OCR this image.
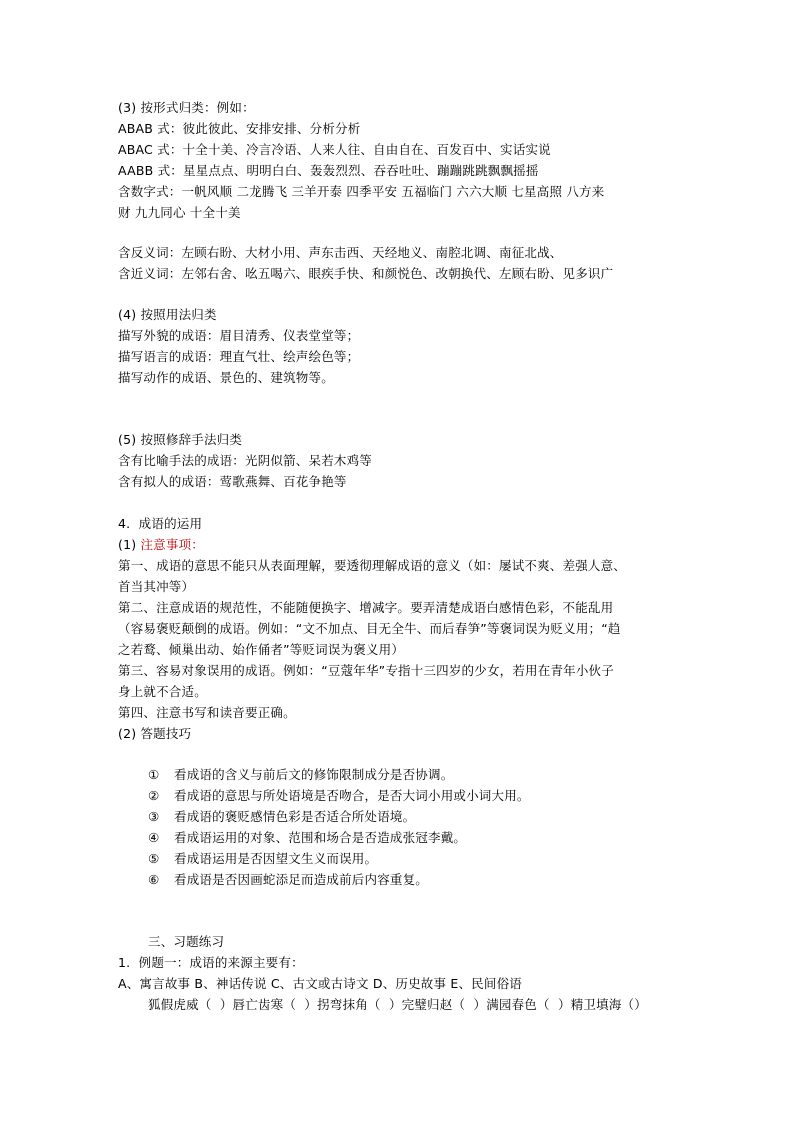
(3) 按形式归类：例如：
ABAB 式：彼此彼此、安排安排、分析分析
ABAC 式：十全十美、冷言冷语、人来人往、自由自在、百发百中、实话实说
AABB 式：星星点点、明明白白、轰轰烈烈、吞吞吐吐、蹦蹦跳跳飘飘摇摇
含数字式：一帆风顺 二龙腾飞 三羊开泰 四季平安 五福临门 六六大顺 七星高照 八方来
财 九九同心 十全十美
含反义词：左顾右盼、大材小用、声东击西、天经地义、南腔北调、南征北战、
含近义词：左邻右舍、吆五喝六、眼疾手快、和颜悦色、改朝换代、左顾右盼、见多识广
(4) 按照用法归类
描写外貌的成语：眉目清秀、仪表堂堂等；
描写语言的成语：理直气壮、绘声绘色等；
描写动作的成语、景色的、建筑物等。
(5) 按照修辞手法归类
含有比喻手法的成语：光阴似箭、呆若木鸡等
含有拟人的成语：莺歌燕舞、百花争艳等
4.  成语的运用
(1) 注意事项：
第一、成语的意思不能只从表面理解，要透彻理解成语的意义（如：屡试不爽、差强人意、
首当其冲等）
第二、注意成语的规范性，不能随便换字、增减字。要弄清楚成语白感情色彩，不能乱用
（容易褒贬颠倒的成语。例如：“文不加点、目无全牛、而后春笋”等褒词误为贬义用；“趋
之若鹜、倾巢出动、始作俑者”等贬词误为褒义用）
第三、容易对象误用的成语。例如：“豆蔻年华”专指十三四岁的少女，若用在青年小伙子
身上就不合适。
第四、注意书写和读音要正确。
(2) 答题技巧
① 看成语的含义与前后文的修饰限制成分是否协调。
② 看成语的意思与所处语境是否吻合，是否大词小用或小词大用。
③ 看成语的褒贬感情色彩是否适合所处语境。
④ 看成语运用的对象、范围和场合是否造成张冠李戴。
⑤ 看成语运用是否因望文生义而误用。
⑥ 看成语是否因画蛇添足而造成前后内容重复。
三、习题练习
1.  例题一：成语的来源主要有：
A、寓言故事 B、神话传说 C、古文或古诗文 D、历史故事 E、民间俗语
狐假虎威（  ）唇亡齿寒（  ）拐弯抹角（  ）完璧归赵（  ）满园春色（  ）精卫填海（）
